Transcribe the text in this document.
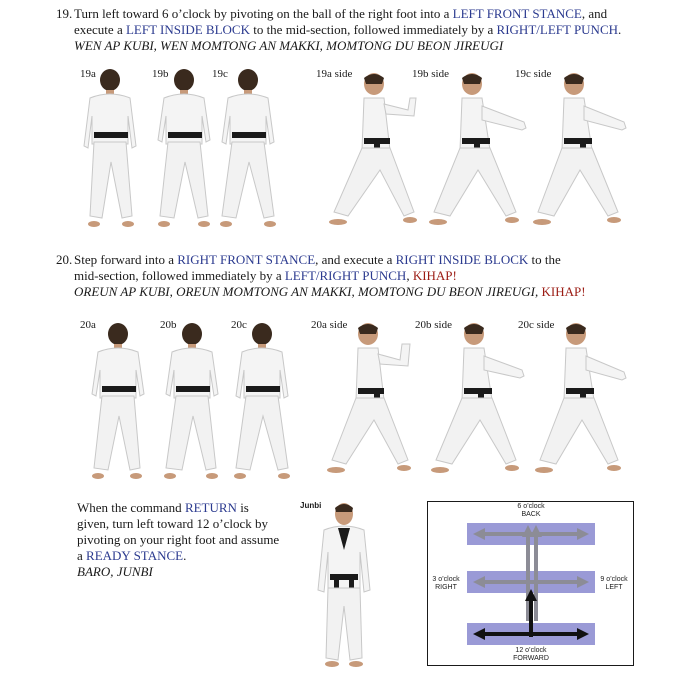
19. Turn left toward 6 o’clock by pivoting on the ball of the right foot into a LEFT FRONT STANCE, and
execute a LEFT INSIDE BLOCK to the mid-section, followed immediately by a RIGHT/LEFT PUNCH.
WEN AP KUBI, WEN MOMTONG AN MAKKI, MOMTONG DU BEON JIREUGI
19a	19b	19c	19a side	19b side	19c side
20. Step forward into a RIGHT FRONT STANCE, and execute a RIGHT INSIDE BLOCK to the
mid-section, followed immediately by a LEFT/RIGHT PUNCH, KIHAP!
OREUN AP KUBI, OREUN MOMTONG AN MAKKI, MOMTONG DU BEON JIREUGI, KIHAP!
20a	20b	20c	20a side	20b side	20c side
When the command RETURN is
given, turn left toward 12 o’clock by
pivoting on your right foot and assume
a READY STANCE.
BARO, JUNBI
Junbi	6 o’clock
BACK
3 o’clock
RIGHT
9 o’clock
LEFT
12 o’clock
FORWARD
